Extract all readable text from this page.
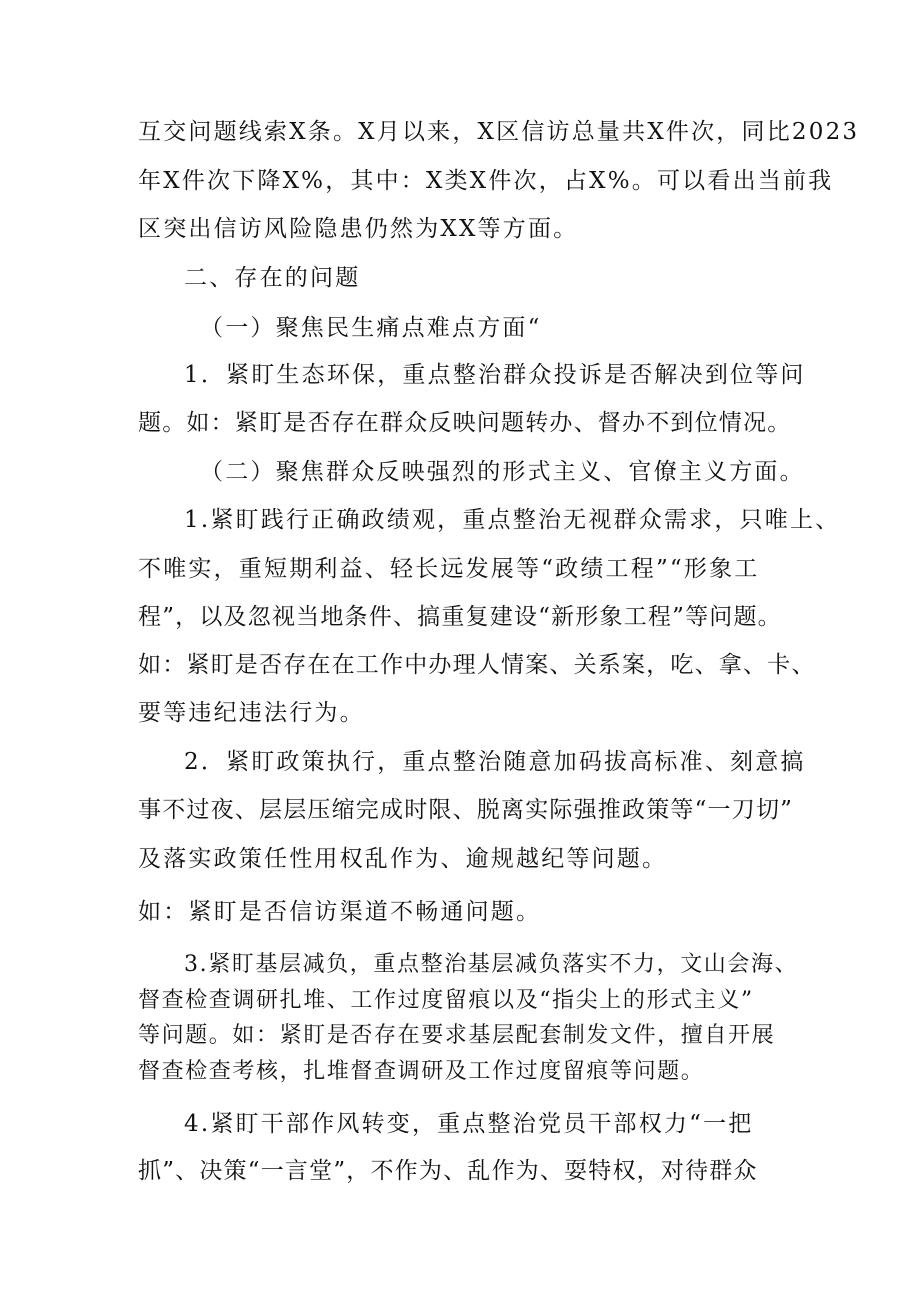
互交问题线索X条。X月以来，X区信访总量共X件次，同比2023
年X件次下降X%，其中：X类X件次，占X%。可以看出当前我
区突出信访风险隐患仍然为XX等方面。
二、存在的问题
（一）聚焦民生痛点难点方面“
1．紧盯生态环保，重点整治群众投诉是否解决到位等问
题。如：紧盯是否存在群众反映问题转办、督办不到位情况。
（二）聚焦群众反映强烈的形式主义、官僚主义方面。
1.紧盯践行正确政绩观，重点整治无视群众需求，只唯上、
不唯实，重短期利益、轻长远发展等“政绩工程”“形象工
程”，以及忽视当地条件、搞重复建设“新形象工程”等问题。
如：紧盯是否存在在工作中办理人情案、关系案，吃、拿、卡、
要等违纪违法行为。
2．紧盯政策执行，重点整治随意加码拔高标准、刻意搞
事不过夜、层层压缩完成时限、脱离实际强推政策等“一刀切”
及落实政策任性用权乱作为、逾规越纪等问题。
如：紧盯是否信访渠道不畅通问题。
3.紧盯基层减负，重点整治基层减负落实不力，文山会海、
督查检查调研扎堆、工作过度留痕以及“指尖上的形式主义”
等问题。如：紧盯是否存在要求基层配套制发文件，擅自开展
督查检查考核，扎堆督查调研及工作过度留痕等问题。
4.紧盯干部作风转变，重点整治党员干部权力“一把
抓”、决策“一言堂”，不作为、乱作为、耍特权，对待群众
